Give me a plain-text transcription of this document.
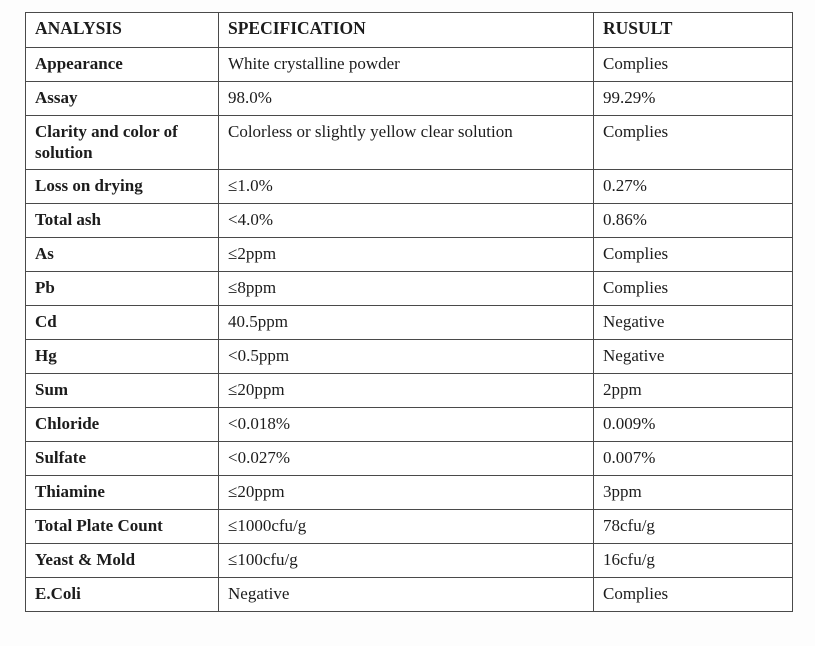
ANALYSIS	SPECIFICATION	RUSULT
Appearance	White crystalline powder	Complies
Assay	98.0%	99.29%
Clarity and color of solution	Colorless or slightly yellow clear solution	Complies
Loss on drying	≤1.0%	0.27%
Total ash	<4.0%	0.86%
As	≤2ppm	Complies
Pb	≤8ppm	Complies
Cd	40.5ppm	Negative
Hg	<0.5ppm	Negative
Sum	≤20ppm	2ppm
Chloride	<0.018%	0.009%
Sulfate	<0.027%	0.007%
Thiamine	≤20ppm	3ppm
Total Plate Count	≤1000cfu/g	78cfu/g
Yeast & Mold	≤100cfu/g	16cfu/g
E.Coli	Negative	Complies
